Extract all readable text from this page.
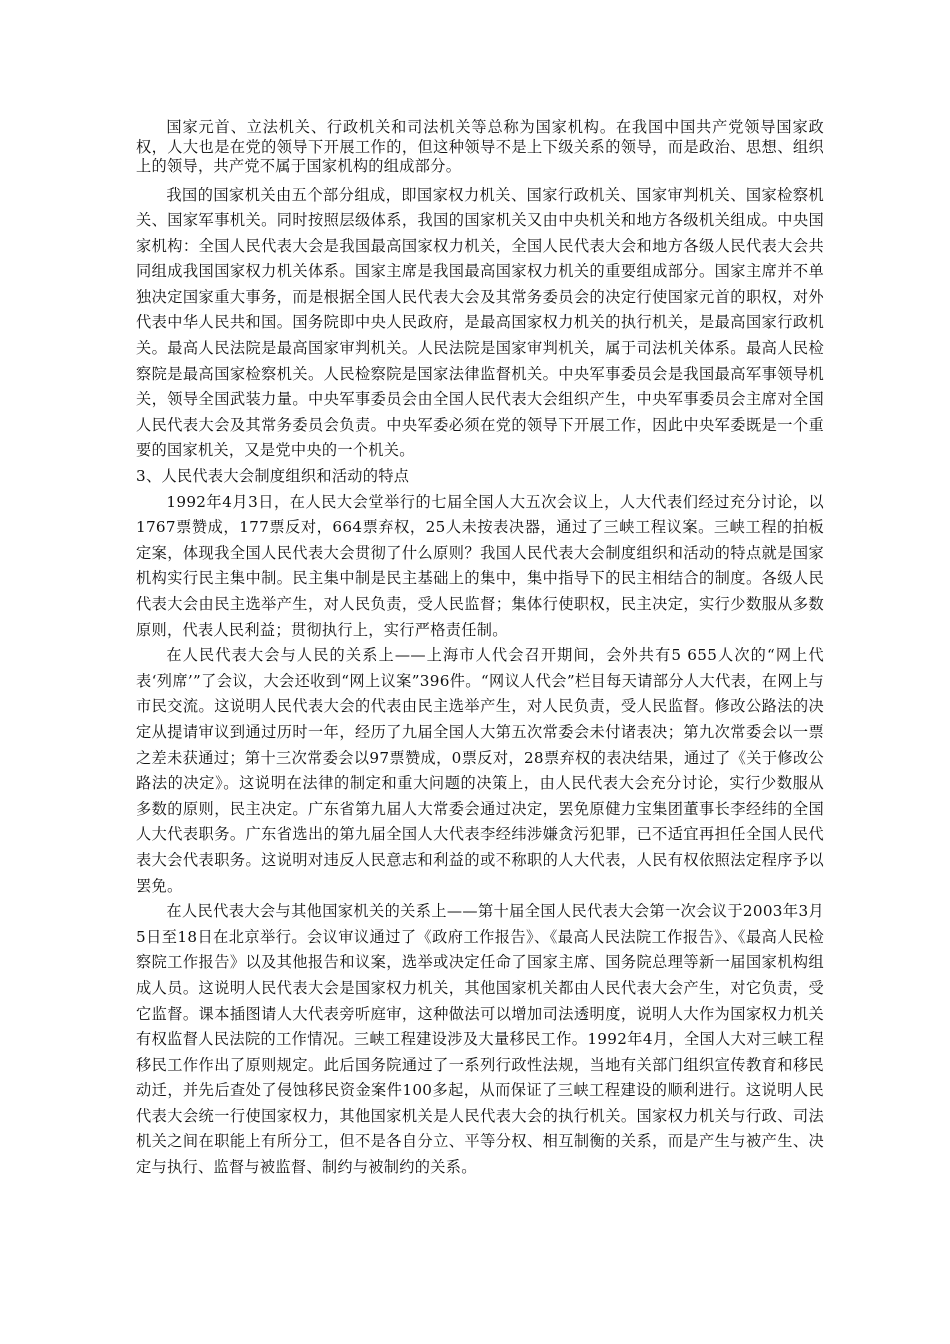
国家元首、立法机关、行政机关和司法机关等总称为国家机构。在我国中国共产党领导国家政权，人大也是在党的领导下开展工作的，但这种领导不是上下级关系的领导，而是政治、思想、组织上的领导，共产党不属于国家机构的组成部分。

我国的国家机关由五个部分组成，即国家权力机关、国家行政机关、国家审判机关、国家检察机关、国家军事机关。同时按照层级体系，我国的国家机关又由中央机关和地方各级机关组成。中央国家机构：全国人民代表大会是我国最高国家权力机关，全国人民代表大会和地方各级人民代表大会共同组成我国国家权力机关体系。国家主席是我国最高国家权力机关的重要组成部分。国家主席并不单独决定国家重大事务，而是根据全国人民代表大会及其常务委员会的决定行使国家元首的职权，对外代表中华人民共和国。国务院即中央人民政府，是最高国家权力机关的执行机关，是最高国家行政机关。最高人民法院是最高国家审判机关。人民法院是国家审判机关，属于司法机关体系。最高人民检察院是最高国家检察机关。人民检察院是国家法律监督机关。中央军事委员会是我国最高军事领导机关，领导全国武装力量。中央军事委员会由全国人民代表大会组织产生，中央军事委员会主席对全国人民代表大会及其常务委员会负责。中央军委必须在党的领导下开展工作，因此中央军委既是一个重要的国家机关，又是党中央的一个机关。

3、人民代表大会制度组织和活动的特点

1992年4月3日，在人民大会堂举行的七届全国人大五次会议上，人大代表们经过充分讨论，以1767票赞成，177票反对，664票弃权，25人未按表决器，通过了三峡工程议案。三峡工程的拍板定案，体现我全国人民代表大会贯彻了什么原则？我国人民代表大会制度组织和活动的特点就是国家机构实行民主集中制。民主集中制是民主基础上的集中，集中指导下的民主相结合的制度。各级人民代表大会由民主选举产生，对人民负责，受人民监督；集体行使职权，民主决定，实行少数服从多数原则，代表人民利益；贯彻执行上，实行严格责任制。

在人民代表大会与人民的关系上——上海市人代会召开期间，会外共有5 655人次的“网上代表‘列席’”了会议，大会还收到“网上议案”396件。“网议人代会”栏目每天请部分人大代表，在网上与市民交流。这说明人民代表大会的代表由民主选举产生，对人民负责，受人民监督。修改公路法的决定从提请审议到通过历时一年，经历了九届全国人大第五次常委会未付诸表决；第九次常委会以一票之差未获通过；第十三次常委会以97票赞成，0票反对，28票弃权的表决结果，通过了《关于修改公路法的决定》。这说明在法律的制定和重大问题的决策上，由人民代表大会充分讨论，实行少数服从多数的原则，民主决定。广东省第九届人大常委会通过决定，罢免原健力宝集团董事长李经纬的全国人大代表职务。广东省选出的第九届全国人大代表李经纬涉嫌贪污犯罪，已不适宜再担任全国人民代表大会代表职务。这说明对违反人民意志和利益的或不称职的人大代表，人民有权依照法定程序予以罢免。

在人民代表大会与其他国家机关的关系上——第十届全国人民代表大会第一次会议于2003年3月5日至18日在北京举行。会议审议通过了《政府工作报告》、《最高人民法院工作报告》、《最高人民检察院工作报告》以及其他报告和议案，选举或决定任命了国家主席、国务院总理等新一届国家机构组成人员。这说明人民代表大会是国家权力机关，其他国家机关都由人民代表大会产生，对它负责，受它监督。课本插图请人大代表旁听庭审，这种做法可以增加司法透明度，说明人大作为国家权力机关有权监督人民法院的工作情况。三峡工程建设涉及大量移民工作。1992年4月，全国人大对三峡工程移民工作作出了原则规定。此后国务院通过了一系列行政性法规，当地有关部门组织宣传教育和移民动迁，并先后查处了侵蚀移民资金案件100多起，从而保证了三峡工程建设的顺利进行。这说明人民代表大会统一行使国家权力，其他国家机关是人民代表大会的执行机关。国家权力机关与行政、司法机关之间在职能上有所分工，但不是各自分立、平等分权、相互制衡的关系，而是产生与被产生、决定与执行、监督与被监督、制约与被制约的关系。
